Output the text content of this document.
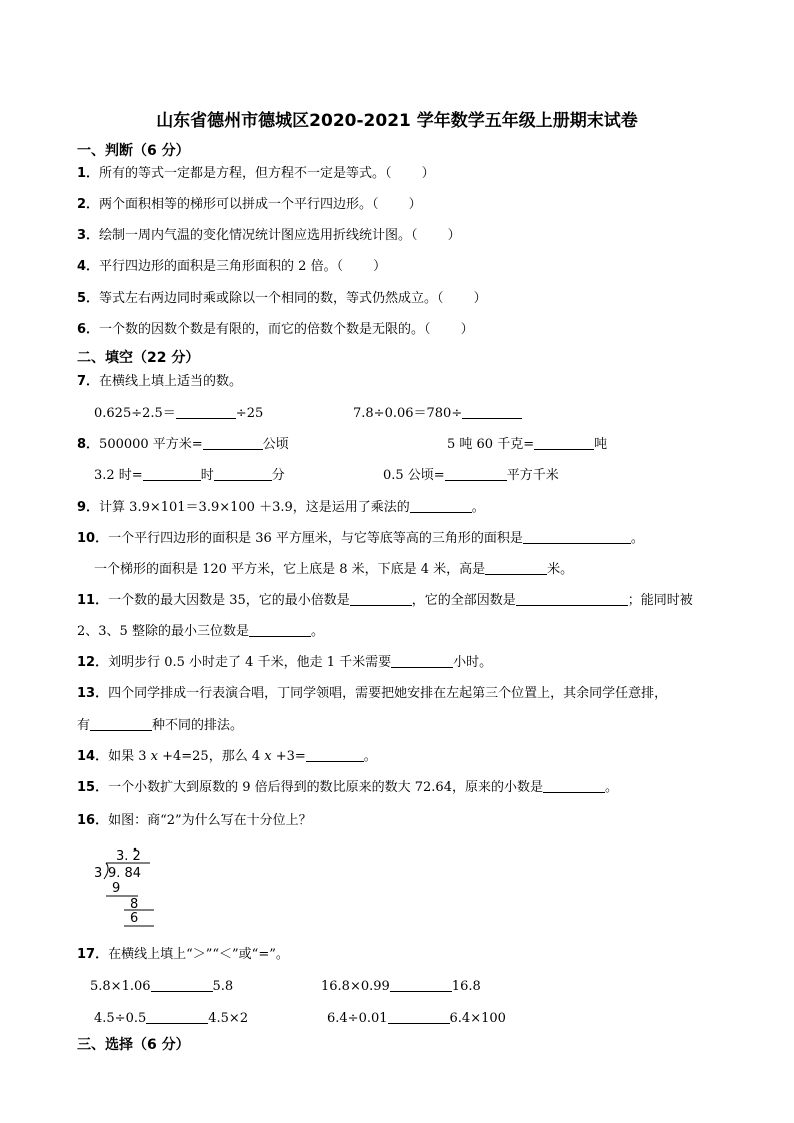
山东省德州市德城区2020-2021 学年数学五年级上册期末试卷
一、判断（6 分）
1．所有的等式一定都是方程，但方程不一定是等式。（ ）
2．两个面积相等的梯形可以拼成一个平行四边形。（ ）
3．绘制一周内气温的变化情况统计图应选用折线统计图。（ ）
4．平行四边形的面积是三角形面积的 2 倍。（ ）
5．等式左右两边同时乘或除以一个相同的数，等式仍然成立。（ ）
6．一个数的因数个数是有限的，而它的倍数个数是无限的。（ ）
二、填空（22 分）
7．在横线上填上适当的数。
0.625÷2.5＝	÷25	7.8÷0.06＝780÷
8．500000 平方米=	公顷	5 吨 60 千克=	吨
3.2 时=	时	分	0.5 公顷=	平方千米
9．计算 3.9×101＝3.9×100 ＋3.9，这是运用了乘法的	。
10．一个平行四边形的面积是 36 平方厘米，与它等底等高的三角形的面积是	。
一个梯形的面积是 120 平方米，它上底是 8 米，下底是 4 米，高是	米。
11．一个数的最大因数是 35，它的最小倍数是	，它的全部因数是	；能同时被
2、3、5 整除的最小三位数是	。
12．刘明步行 0.5 小时走了 4 千米，他走 1 千米需要	小时。
13．四个同学排成一行表演合唱，丁同学领唱，需要把她安排在左起第三个位置上，其余同学任意排，
有	种不同的排法。
14．如果 3 𝑥 +4=25，那么 4 𝑥 +3=	。
15．一个小数扩大到原数的 9 倍后得到的数比原来的数大 72.64，原来的小数是	。
16．如图：商“2”为什么写在十分位上？
3. 2
3 9. 84
9
8
6
17．在横线上填上“＞”“＜”或“=”。
5.8×1.06	5.8	16.8×0.99	16.8
4.5÷0.5	4.5×2	6.4÷0.01	6.4×100
三、选择（6 分）
